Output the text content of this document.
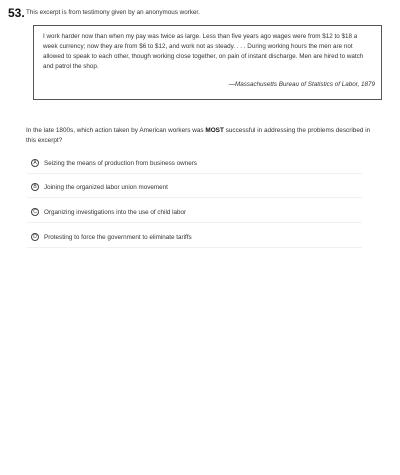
53. This excerpt is from testimony given by an anonymous worker.
I work harder now than when my pay was twice as large. Less than five years ago wages were from $12 to $18 a week currency; now they are from $6 to $12, and work not as steady. . . . During working hours the men are not allowed to speak to each other, though working close together, on pain of instant discharge. Men are hired to watch and patrol the shop.
—Massachusetts Bureau of Statistics of Labor, 1879
In the late 1800s, which action taken by American workers was MOST successful in addressing the problems described in this excerpt?
A	Seizing the means of production from business owners
B	Joining the organized labor union movement
C	Organizing investigations into the use of child labor
D	Protesting to force the government to eliminate tariffs
